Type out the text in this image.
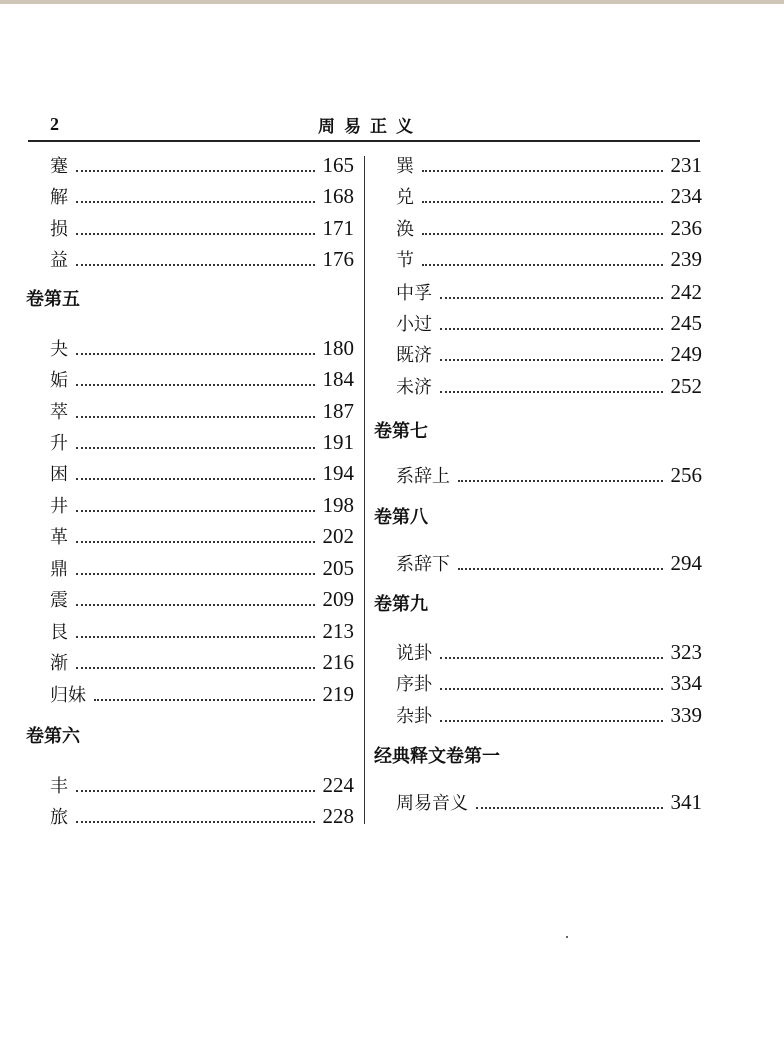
2	周易正义
蹇	165
解	168
损	171
益	176
卷第五
夬	180
姤	184
萃	187
升	191
困	194
井	198
革	202
鼎	205
震	209
艮	213
渐	216
归妹	219
卷第六
丰	224
旅	228
巽	231
兑	234
涣	236
节	239
中孚	242
小过	245
既济	249
未济	252
卷第七
系辞上	256
卷第八
系辞下	294
卷第九
说卦	323
序卦	334
杂卦	339
经典释文卷第一
周易音义	341
